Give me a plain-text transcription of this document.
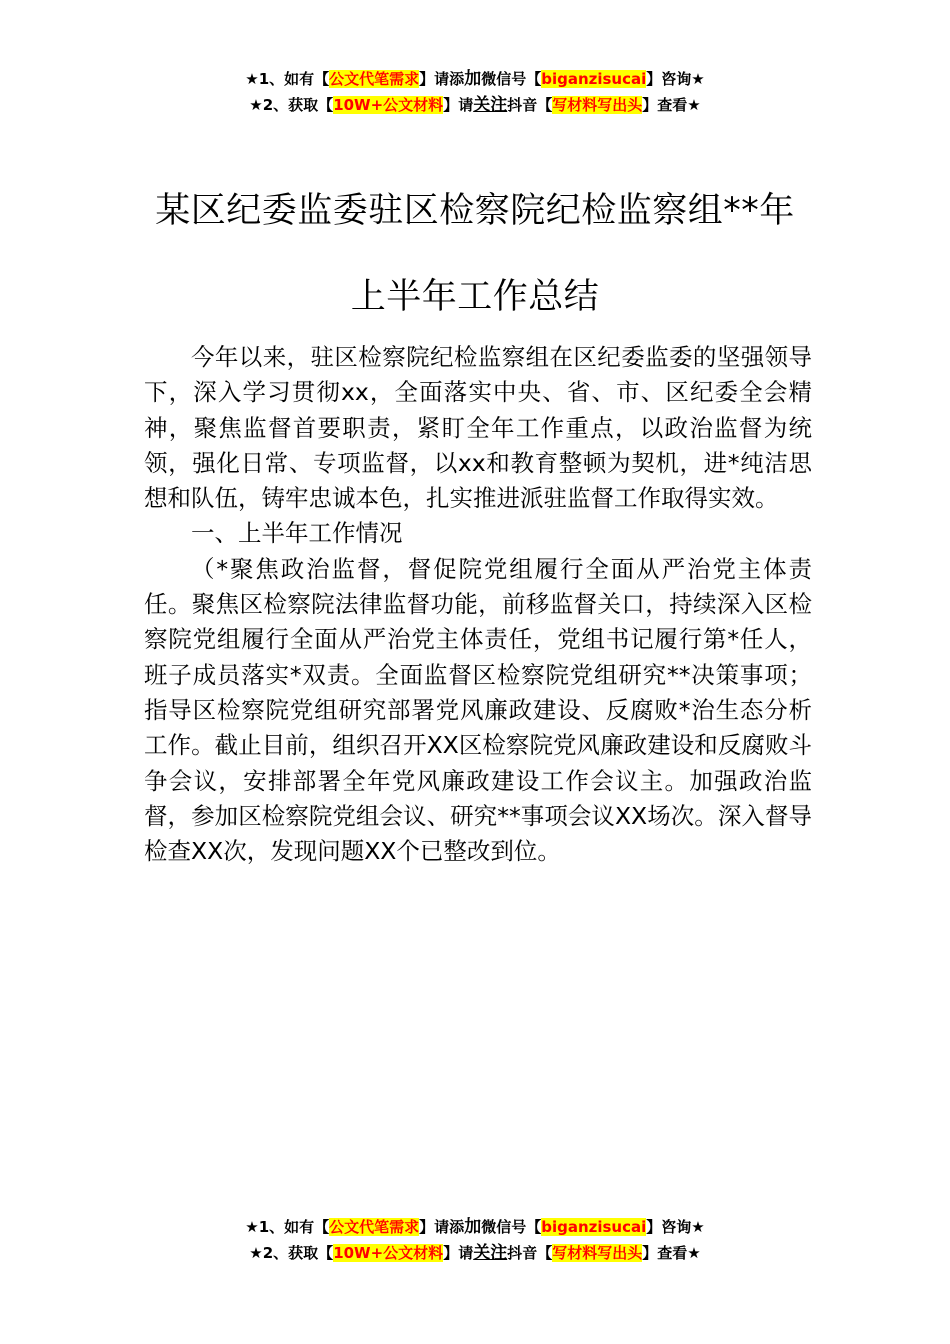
★1、如有【公文代笔需求】请添加微信号【biganzisucai】咨询★
★2、获取【10W+公文材料】请关注抖音【写材料写出头】查看★
某区纪委监委驻区检察院纪检监察组**年
上半年工作总结

今年以来，驻区检察院纪检监察组在区纪委监委的坚强领导下，深入学习贯彻xx，全面落实中央、省、市、区纪委全会精神，聚焦监督首要职责，紧盯全年工作重点，以政治监督为统领，强化日常、专项监督，以xx和教育整顿为契机，进*纯洁思想和队伍，铸牢忠诚本色，扎实推进派驻监督工作取得实效。

一、上半年工作情况

（*聚焦政治监督，督促院党组履行全面从严治党主体责任。聚焦区检察院法律监督功能，前移监督关口，持续深入区检察院党组履行全面从严治党主体责任，党组书记履行第*任人，班子成员落实*双责。全面监督区检察院党组研究**决策事项；指导区检察院党组研究部署党风廉政建设、反腐败*治生态分析工作。截止目前，组织召开XX区检察院党风廉政建设和反腐败斗争会议，安排部署全年党风廉政建设工作会议主。加强政治监督，参加区检察院党组会议、研究**事项会议XX场次。深入督导检查XX次，发现问题XX个已整改到位。

★1、如有【公文代笔需求】请添加微信号【biganzisucai】咨询★
★2、获取【10W+公文材料】请关注抖音【写材料写出头】查看★
